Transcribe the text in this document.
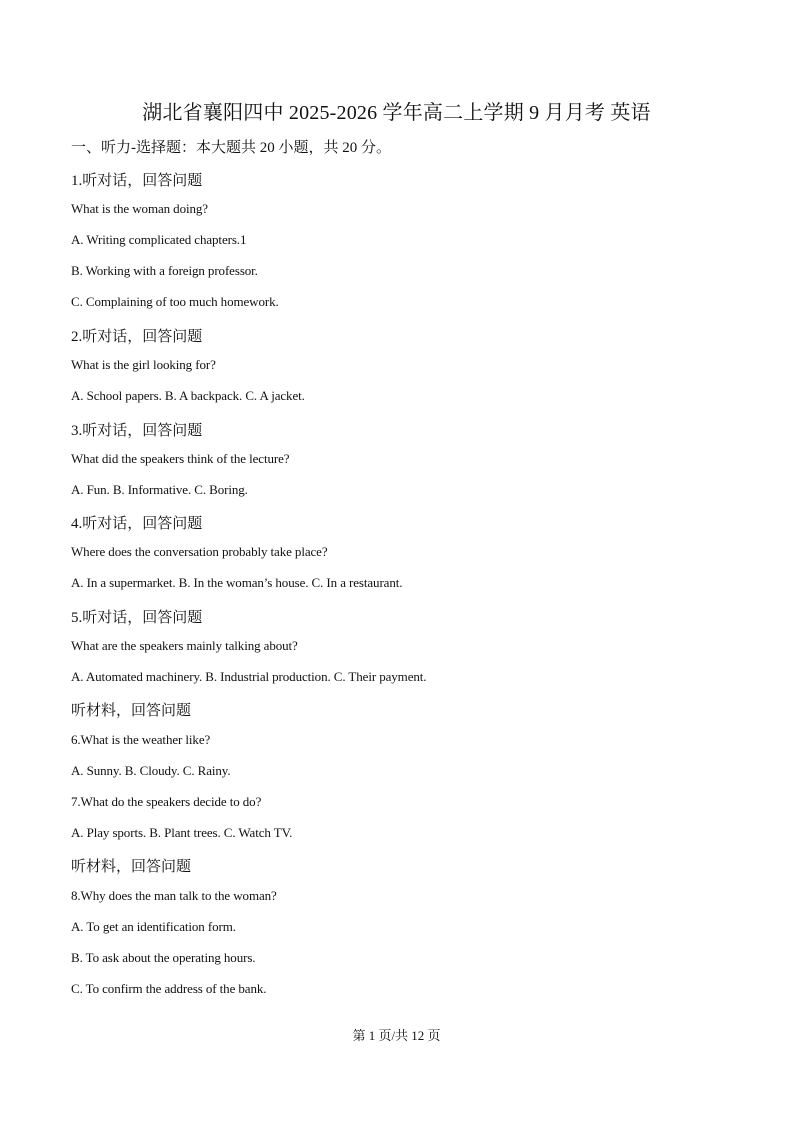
湖北省襄阳四中 2025-2026 学年高二上学期 9 月月考 英语
一、听力-选择题：本大题共 20 小题，共 20 分。
1.听对话，回答问题
What is the woman doing?
A. Writing complicated chapters.1
B. Working with a foreign professor.
C. Complaining of too much homework.
2.听对话，回答问题
What is the girl looking for?
A. School papers. B. A backpack. C. A jacket.
3.听对话，回答问题
What did the speakers think of the lecture?
A. Fun. B. Informative. C. Boring.
4.听对话，回答问题
Where does the conversation probably take place?
A. In a supermarket. B. In the woman’s house. C. In a restaurant.
5.听对话，回答问题
What are the speakers mainly talking about?
A. Automated machinery. B. Industrial production. C. Their payment.
听材料，回答问题
6.What is the weather like?
A. Sunny. B. Cloudy. C. Rainy.
7.What do the speakers decide to do?
A. Play sports. B. Plant trees. C. Watch TV.
听材料，回答问题
8.Why does the man talk to the woman?
A. To get an identification form.
B. To ask about the operating hours.
C. To confirm the address of the bank.
第 1 页/共 12 页
